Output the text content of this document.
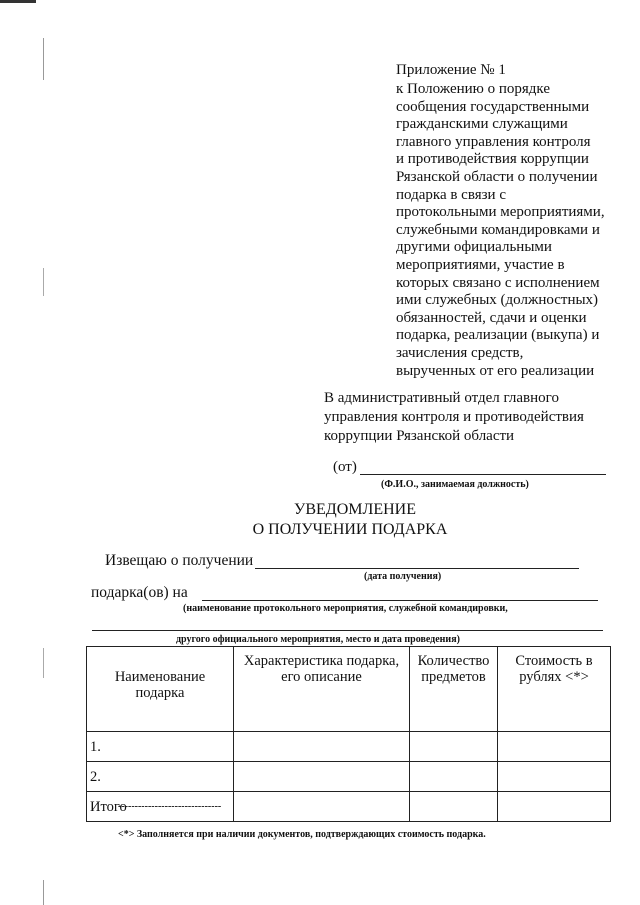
Приложение № 1
к Положению о порядке
сообщения государственными
гражданскими служащими
главного управления контроля
и противодействия коррупции
Рязанской области о получении
подарка в связи с
протокольными мероприятиями,
служебными командировками и
другими официальными
мероприятиями, участие в
которых связано с исполнением
ими служебных (должностных)
обязанностей, сдачи и оценки
подарка, реализации (выкупа) и
зачисления средств,
вырученных от его реализации
В административный отдел главного
управления контроля и противодействия
коррупции Рязанской области
(от)
(Ф.И.О., занимаемая должность)
УВЕДОМЛЕНИЕ
О ПОЛУЧЕНИИ ПОДАРКА
Извещаю о получении
(дата получения)
подарка(ов) на
(наименование протокольного мероприятия, служебной командировки,
другого официального мероприятия, место и дата проведения)
Наименование подарка	Характеристика подарка, его описание	Количество предметов	Стоимость в рублях <*>
1.			
2.			
Итого			
-------------------------------
<*> Заполняется при наличии документов, подтверждающих стоимость подарка.
